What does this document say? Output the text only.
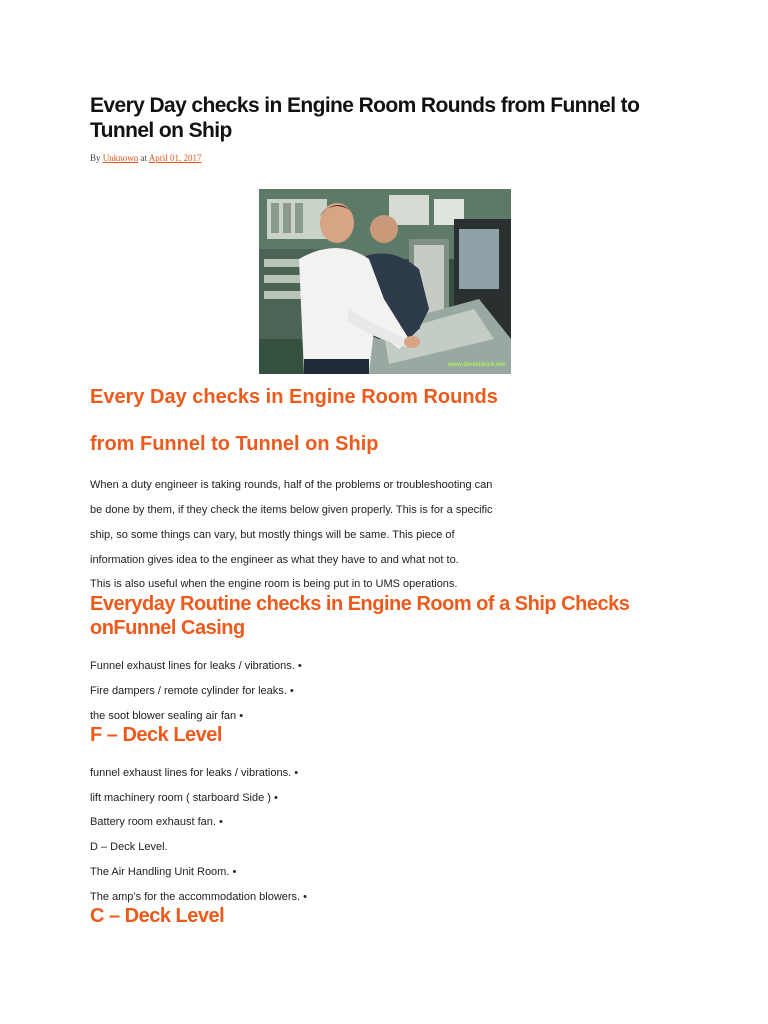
Every Day checks in Engine Room Rounds from Funnel to Tunnel on Ship
By Unknown at April 01, 2017
www.dieselduck.net
Every Day checks in Engine Room Rounds
from Funnel to Tunnel on Ship
When a duty engineer is taking rounds, half of the problems or troubleshooting can
be done by them, if they check the items below given properly. This is for a specific
ship, so some things can vary, but mostly things will be same. This piece of
information gives idea to the engineer as what they have to and what not to.
This is also useful when the engine room is being put in to UMS operations.
Everyday Routine checks in Engine Room of a Ship Checks
onFunnel Casing
Funnel exhaust lines for leaks / vibrations. •
Fire dampers / remote cylinder for leaks. •
the soot blower sealing air fan •
F – Deck Level
funnel exhaust lines for leaks / vibrations. •
lift machinery room ( starboard Side ) •
Battery room exhaust fan. •
D – Deck Level.
The Air Handling Unit Room. •
The amp’s for the accommodation blowers. •
C – Deck Level
